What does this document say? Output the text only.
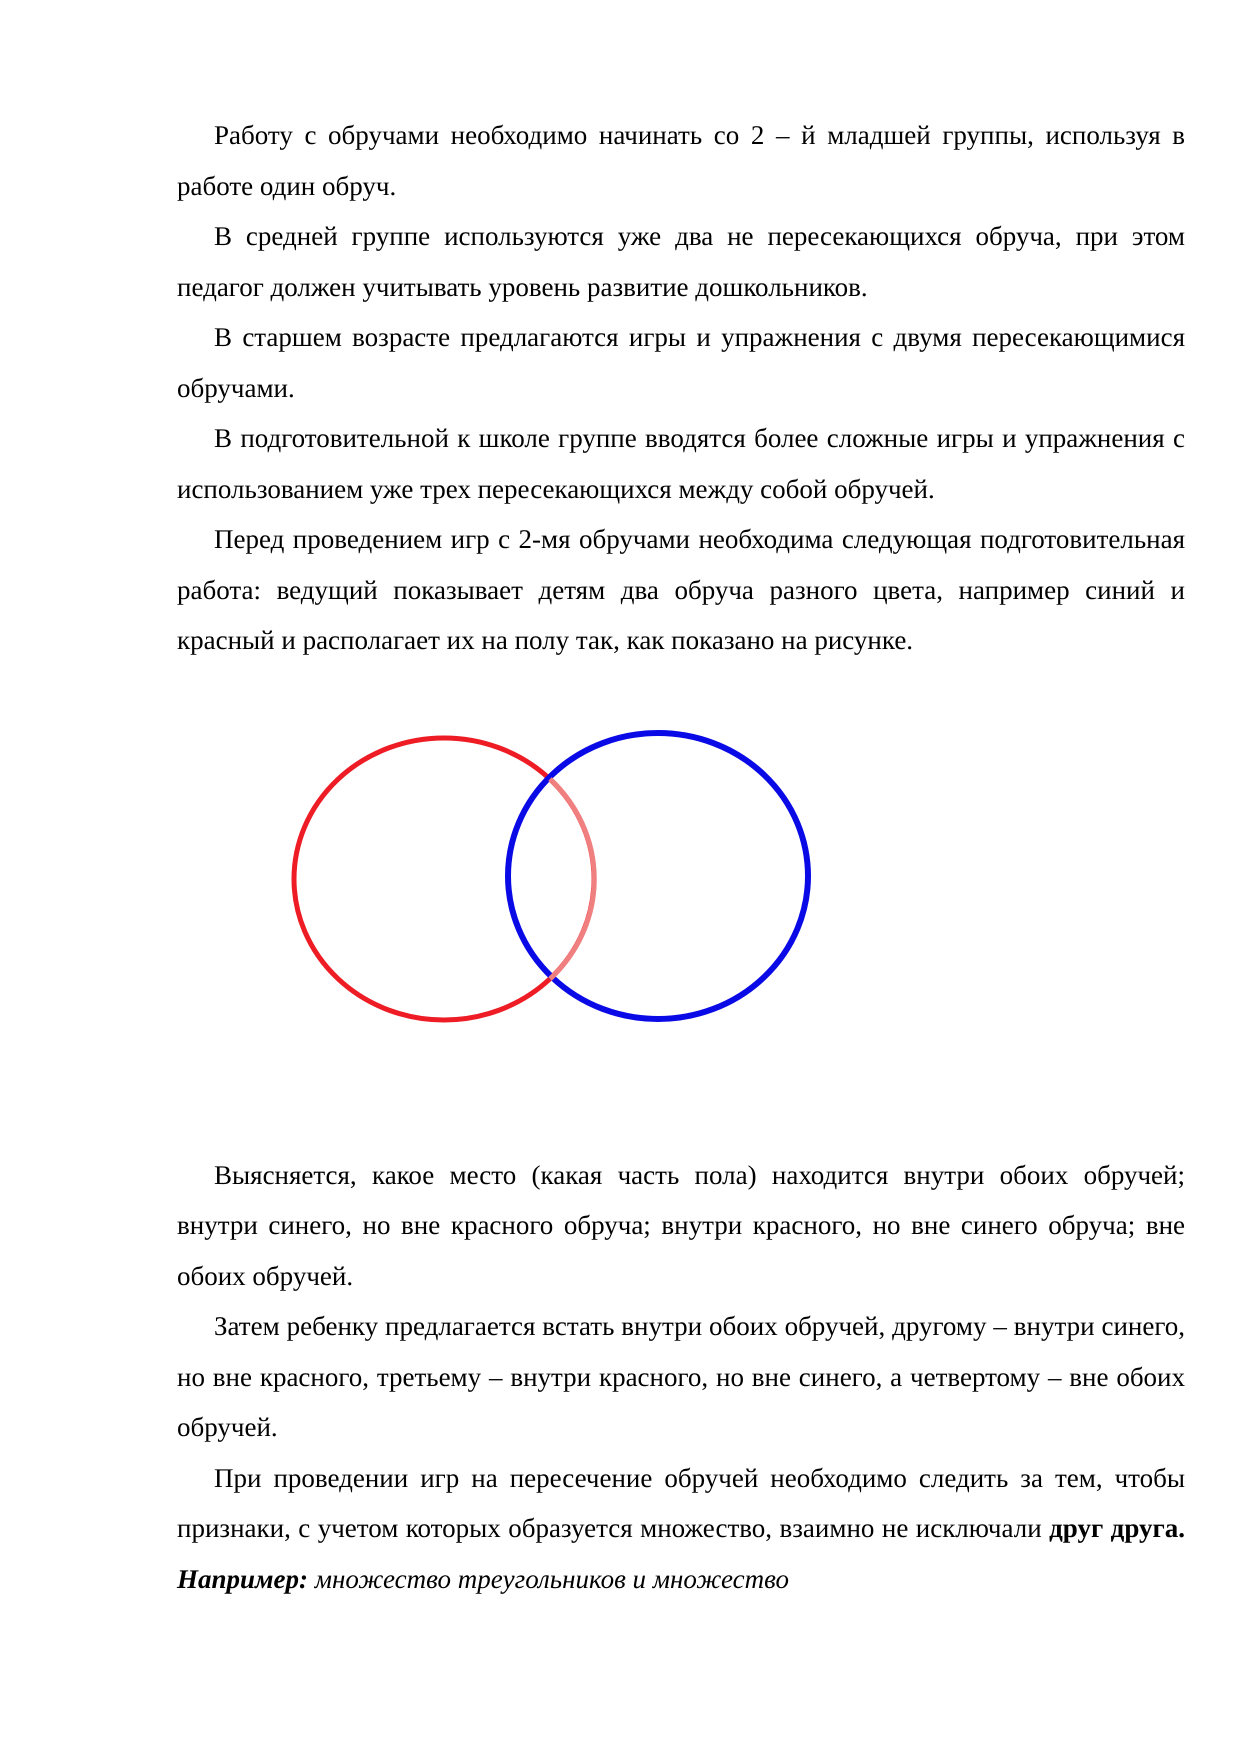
Работу с обручами необходимо начинать со 2 – й младшей группы, используя в работе один обруч.

В средней группе используются уже два не пересекающихся обруча, при этом педагог должен учитывать уровень развитие дошкольников.

В старшем возрасте предлагаются игры и упражнения с двумя пересекающимися обручами.

В подготовительной к школе группе вводятся более сложные игры и упражнения с использованием уже трех пересекающихся между собой обручей.

Перед проведением игр с 2-мя обручами необходима следующая подготовительная работа: ведущий показывает детям два обруча разного цвета, например синий и красный и располагает их на полу так, как показано на рисунке.

Выясняется, какое место (какая часть пола) находится внутри обоих обручей; внутри синего, но вне красного обруча; внутри красного, но вне синего обруча; вне обоих обручей.

Затем ребенку предлагается встать внутри обоих обручей, другому – внутри синего, но вне красного, третьему – внутри красного, но вне синего, а четвертому – вне обоих обручей.

При проведении игр на пересечение обручей необходимо следить за тем, чтобы признаки, с учетом которых образуется множество, взаимно не исключали друг друга. Например: множество треугольников и множество
